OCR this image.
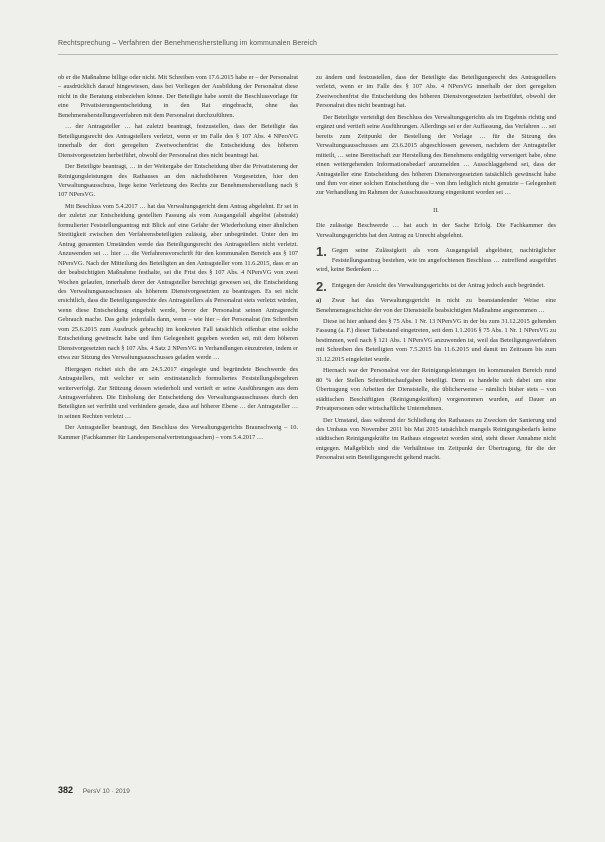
Rechtsprechung – Verfahren der Benehmensherstellung im kommunalen Bereich

ob er die Maßnahme billige oder nicht. Mit Schreiben vom 17.6.2015 habe er – der Personalrat – ausdrücklich darauf hingewiesen, dass bei Vorliegen der Ausbildung der Personalrat diese nicht in die Beratung einbeziehen könne. Der Beteiligte habe somit die Beschlussvorlage für eine Privatisierungsentscheidung in den Rat eingebracht, ohne das Benehmensherstellungsverfahren mit dem Personalrat durchzuführen.

… der Antragsteller … hat zuletzt beantragt, festzustellen, dass der Beteiligte das Beteiligungsrecht des Antragstellers verletzt, wenn er im Falle des § 107 Abs. 4 NPersVG innerhalb der dort geregelten Zweiwochenfrist die Entscheidung des höheren Dienstvorgesetzten herbeiführt, obwohl der Personalrat dies nicht beantragt hat.

Der Beteiligte beantragt, … in der Weitergabe der Entscheidung über die Privatisierung der Reinigungsleistungen des Rathauses an den nächsthöheren Vorgesetzten, hier den Verwaltungsausschuss, liege keine Verletzung des Rechts zur Benehmensherstellung nach § 107 NPersVG.

Mit Beschluss vom 5.4.2017 … hat das Verwaltungsgericht dem Antrag abgelehnt. Er sei in der zuletzt zur Entscheidung gestellten Fassung als vom Ausgangsfall abgelöst (abstrakt) formulierter Feststellungsantrag mit Blick auf eine Gefahr der Wiederholung einer ähnlichen Streitigkeit zwischen den Verfahrensbeteiligten zulässig, aber unbegründet. Unter den im Antrag genannten Umständen werde das Beteiligungsrecht des Antragstellers nicht verletzt. Anzuwenden sei … hier … die Verfahrensvorschrift für den kommunalen Bereich aus § 107 NPersVG. Nach der Mitteilung des Beteiligten an den Antragsteller vom 11.6.2015, dass er an der beabsichtigten Maßnahme festhalte, sei die Frist des § 107 Abs. 4 NPersVG von zwei Wochen gelaufen, innerhalb derer der Antragsteller berechtigt gewesen sei, die Entscheidung des Verwaltungsausschusses als höherem Dienstvorgesetzten zu beantragen. Es sei nicht ersichtlich, dass die Beteiligungsrechte des Antragstellers als Personalrat stets verletzt würden, wenn diese Entscheidung eingeholt werde, bevor der Personalrat seinen Antragsrecht Gebrauch mache. Das gelte jedenfalls dann, wenn – wie hier – der Personalrat (im Schreiben vom 25.6.2015 zum Ausdruck gebracht) im konkreten Fall tatsächlich offenbar eine solche Entscheidung gewünscht habe und ihm Gelegenheit gegeben worden sei, mit dem höheren Dienstvorgesetzten nach § 107 Abs. 4 Satz 2 NPersVG in Verhandlungen einzutreten, indem er etwa zur Sitzung des Verwaltungsausschusses geladen werde …

Hiergegen richtet sich die am 24.5.2017 eingelegte und begründete Beschwerde des Antragstellers, mit welcher er sein erstinstanzlich formuliertes Feststellungsbegehren weiterverfolgt. Zur Stützung dessen wiederholt und vertieft er seine Ausführungen aus dem Antragsverfahren. Die Einholung der Entscheidung des Verwaltungsausschusses durch den Beteiligten sei verfrüht und verhindere gerade, dass auf höherer Ebene … der Antragsteller … in seinen Rechten verletzt …

Der Antragsteller beantragt, den Beschluss des Verwaltungsgerichts Braunschweig – 10. Kammer (Fachkammer für Landespersonalvertretungssachen) – vom 5.4.2017 …

zu ändern und festzustellen, dass der Beteiligte das Beteiligungsrecht des Antragstellers verletzt, wenn er im Falle des § 107 Abs. 4 NPersVG innerhalb der dort geregelten Zweiwochenfrist die Entscheidung des höheren Dienstvorgesetzten herbeiführt, obwohl der Personalrat dies nicht beantragt hat.

Der Beteiligte verteidigt den Beschluss des Verwaltungsgerichts als im Ergebnis richtig und ergänzt und vertieft seine Ausführungen. Allerdings sei er der Auffassung, das Verfahren … sei bereits zum Zeitpunkt der Bestellung der Vorlage … für die Sitzung des Verwaltungsausschusses am 23.6.2015 abgeschlossen gewesen, nachdem der Antragsteller mitteilt, … seine Bereitschaft zur Herstellung des Benehmens endgültig verweigert habe, ohne einen weitergehenden Informationsbedarf anzumelden … Ausschlaggebend sei, dass der Antragsteller eine Entscheidung des höheren Dienstvorgesetzten tatsächlich gewünscht habe und ihm vor einer solchen Entscheidung die – von ihm lediglich nicht genutzte – Gelegenheit zur Verhandlung im Rahmen der Ausschusssitzung eingeräumt worden sei …

II.

Die zulässige Beschwerde … hat auch in der Sache Erfolg. Die Fachkammer des Verwaltungsgerichts hat den Antrag zu Unrecht abgelehnt.

1. Gegen seine Zulässigkeit als vom Ausgangsfall abgelöster, nachträglicher Feststellungsantrag bestehen, wie im angefochtenen Beschluss … zutreffend ausgeführt wird, keine Bedenken …
2. Entgegen der Ansicht des Verwaltungsgerichts ist der Antrag jedoch auch begründet.
a) Zwar hat das Verwaltungsgericht in nicht zu beanstandender Weise eine Benehmensgeschichte der von der Dienststelle beabsichtigten Maßnahme angenommen …

Diese ist hier anhand des § 75 Abs. 1 Nr. 13 NPersVG in der bis zum 31.12.2015 geltenden Fassung (a. F.) dieser Tatbestand eingetreten, seit dem 1.1.2016 § 75 Abs. 1 Nr. 1 NPersVG zu bestimmen, weil nach § 121 Abs. 1 NPersVG anzuwenden ist, weil das Beteiligungsverfahren mit Schreiben des Beteiligten vom 7.5.2015 bis 11.6.2015 und damit im Zeitraum bis zum 31.12.2015 eingeleitet wurde.

Hiernach war der Personalrat vor der Reinigungsleistungen im kommunalen Bereich rund 80 % der Stellen Schreibtischaufgaben beteiligt. Denn es handelte sich dabei um eine Übertragung von Arbeiten der Dienststelle, die üblicherweise – nämlich bisher stets – von städtischen Beschäftigten (Reinigungskräften) vorgenommen wurden, auf Dauer an Privatpersonen oder wirtschaftliche Unternehmen.

Der Umstand, dass während der Schließung des Rathauses zu Zwecken der Sanierung und des Umbaus von November 2011 bis Mai 2015 tatsächlich mangels Reinigungsbedarfs keine städtischen Reinigungskräfte im Rathaus eingesetzt worden sind, steht dieser Annahme nicht entgegen. Maßgeblich sind die Verhältnisse im Zeitpunkt der Übertragung, für die der Personalrat sein Beteiligungsrecht geltend macht.

382 PersV 10 · 2019
